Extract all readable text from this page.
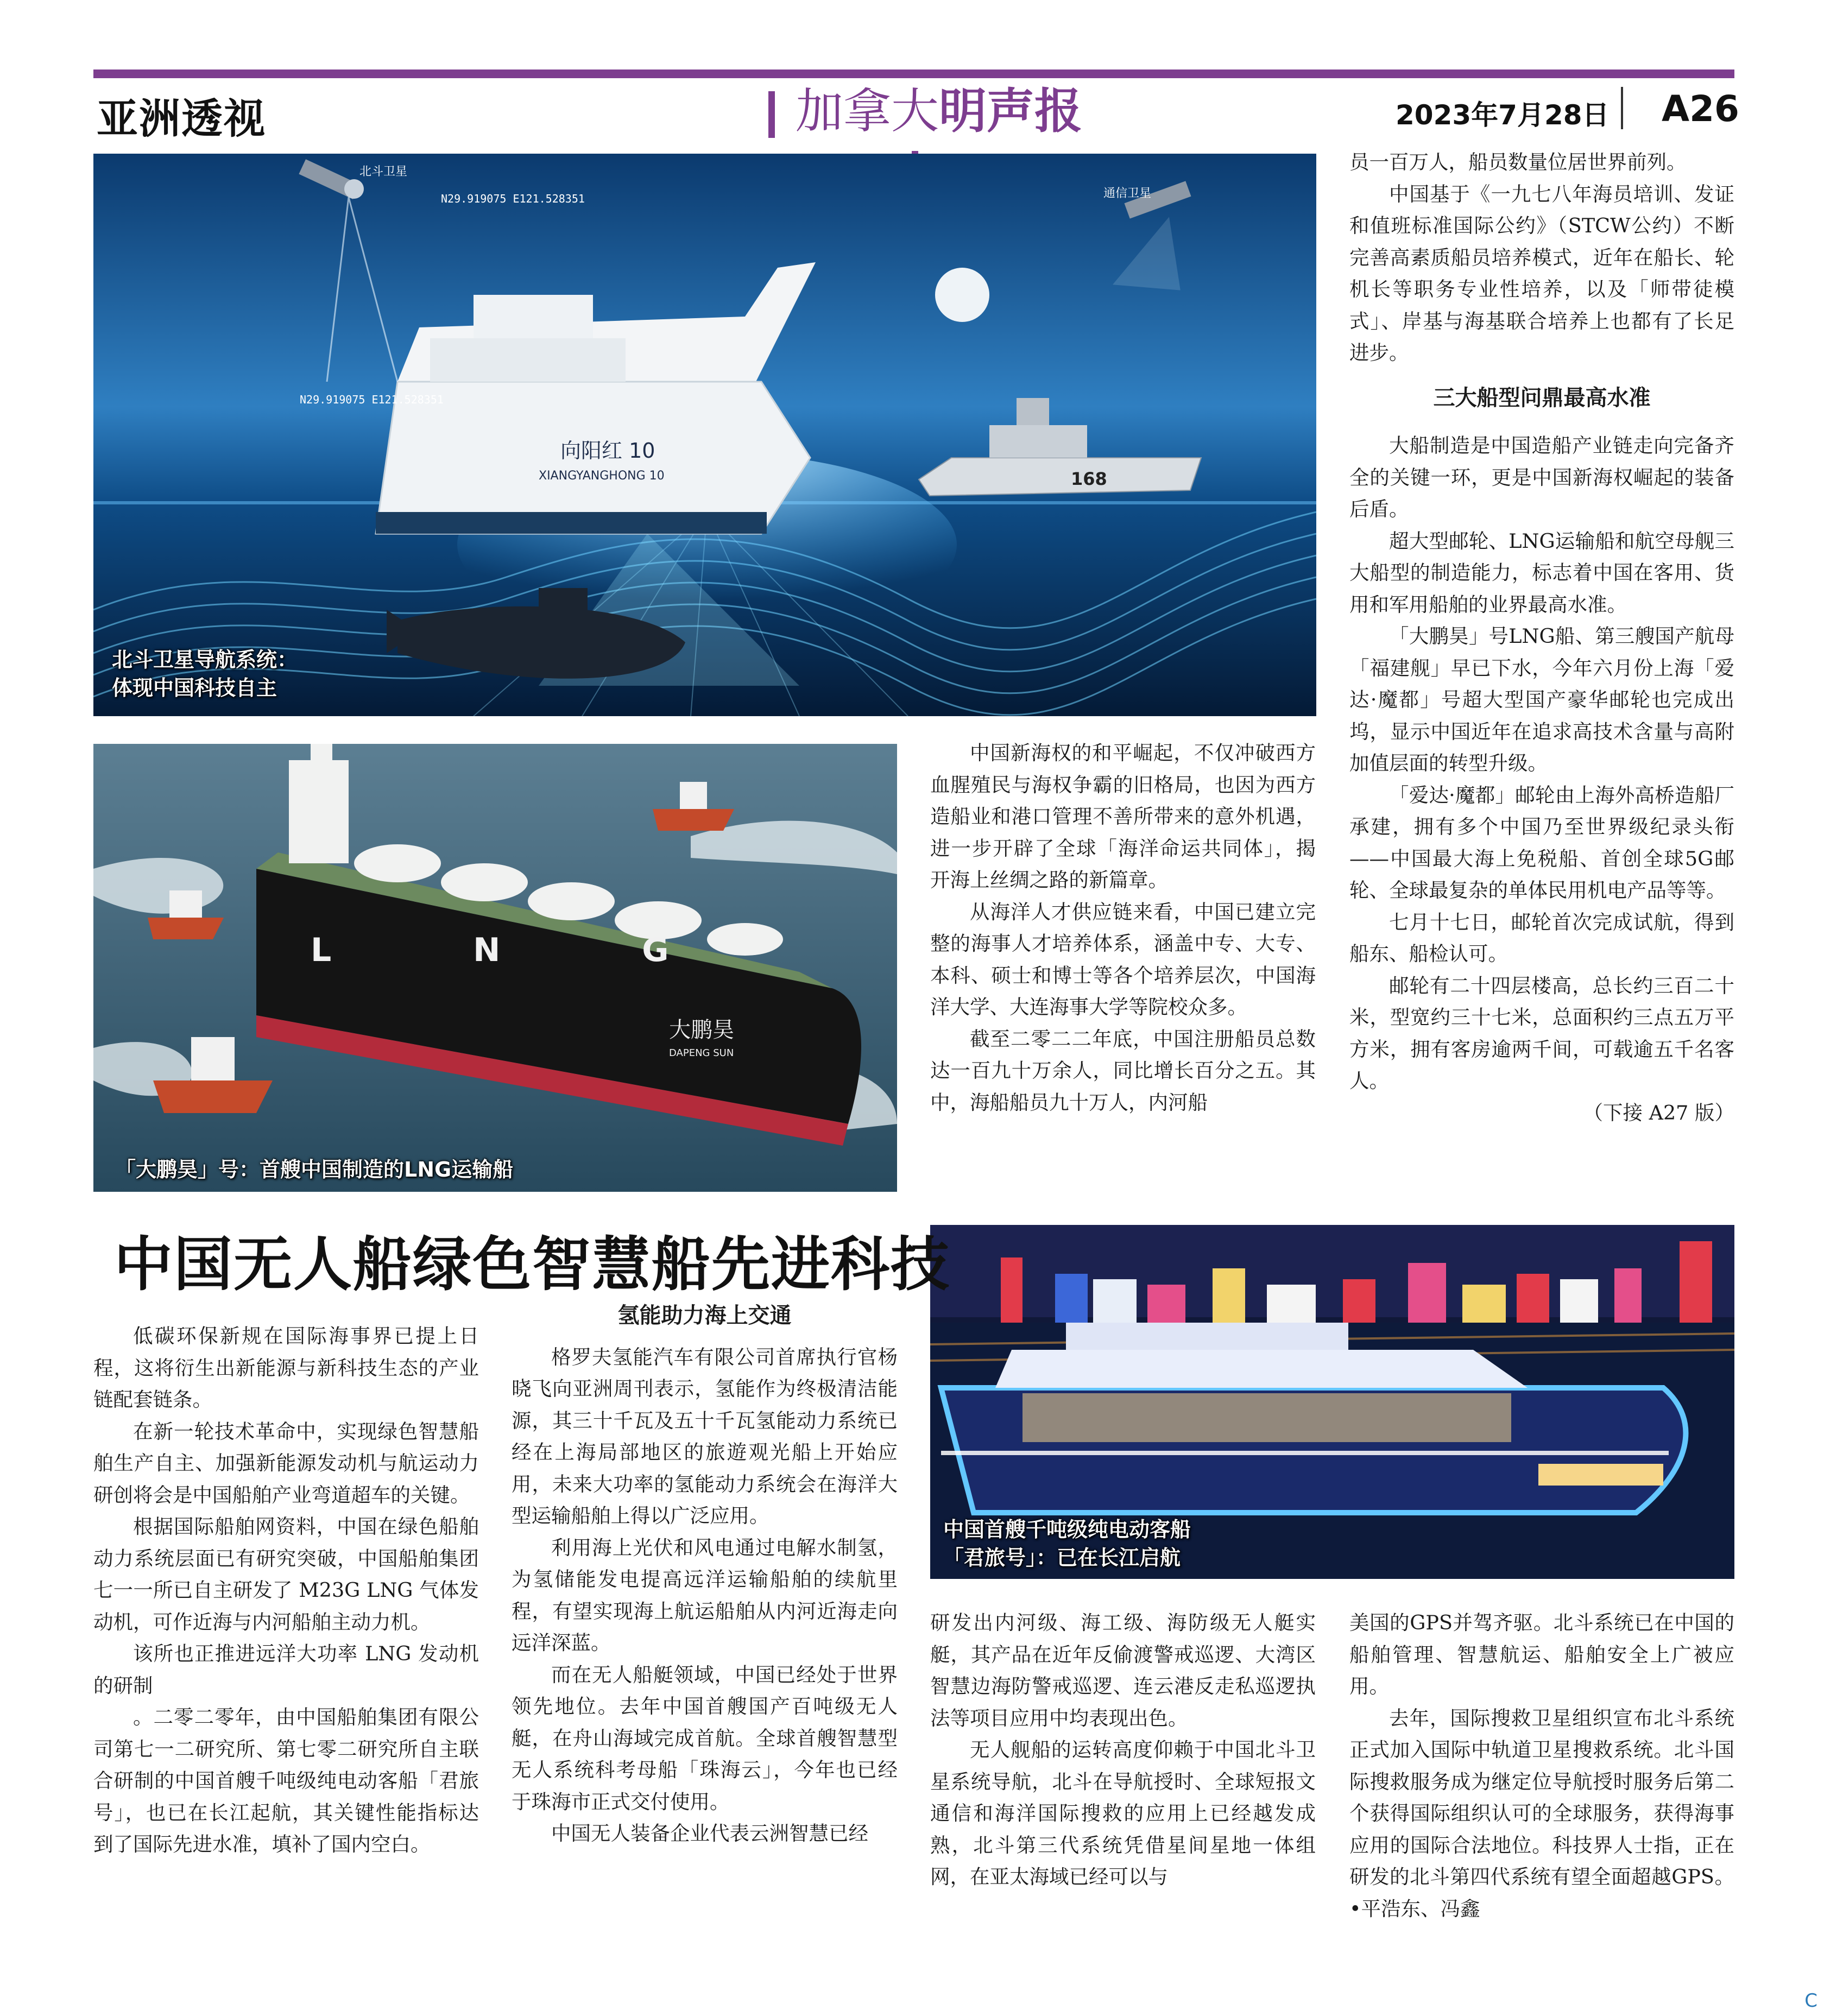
亚洲透视	加拿大明声报	2023年7月28日 A26
向阳红 10
XIANGYANGHONG 10	168
北斗卫星
通信卫星
N29.919075 E121.528351
N29.919075 E121.528351
北斗卫星导航系统：
体现中国科技自主
L N G
大鹏昊
DAPENG SUN
「大鹏昊」号：首艘中国制造的LNG运输船
中国首艘千吨级纯电动客船
「君旅号」：已在长江启航

员一百万人，船员数量位居世界前列。

中国基于《一九七八年海员培训、发证和值班标准国际公约》（STCW公约）不断完善高素质船员培养模式，近年在船长、轮机长等职务专业性培养，以及「师带徒模式」、岸基与海基联合培养上也都有了长足进步。

三大船型问鼎最高水准

大船制造是中国造船产业链走向完备齐全的关键一环，更是中国新海权崛起的装备后盾。

超大型邮轮、LNG运输船和航空母舰三大船型的制造能力，标志着中国在客用、货用和军用船舶的业界最高水准。

「大鹏昊」号LNG船、第三艘国产航母「福建舰」早已下水，今年六月份上海「爱达·魔都」号超大型国产豪华邮轮也完成出坞，显示中国近年在追求高技术含量与高附加值层面的转型升级。

「爱达·魔都」邮轮由上海外高桥造船厂承建，拥有多个中国乃至世界级纪录头衔——中国最大海上免税船、首创全球5G邮轮、全球最复杂的单体民用机电产品等等。

七月十七日，邮轮首次完成试航，得到船东、船检认可。

邮轮有二十四层楼高，总长约三百二十米，型宽约三十七米，总面积约三点五万平方米，拥有客房逾两千间，可载逾五千名客人。

（下接 A27 版）

中国新海权的和平崛起，不仅冲破西方血腥殖民与海权争霸的旧格局，也因为西方造船业和港口管理不善所带来的意外机遇，进一步开辟了全球「海洋命运共同体」，揭开海上丝绸之路的新篇章。

从海洋人才供应链来看，中国已建立完整的海事人才培养体系，涵盖中专、大专、本科、硕士和博士等各个培养层次，中国海洋大学、大连海事大学等院校众多。

截至二零二二年底，中国注册船员总数达一百九十万余人，同比增长百分之五。其中，海船船员九十万人，内河船

中国无人船绿色智慧船先进科技

低碳环保新规在国际海事界已提上日程，这将衍生出新能源与新科技生态的产业链配套链条。

在新一轮技术革命中，实现绿色智慧船舶生产自主、加强新能源发动机与航运动力研创将会是中国船舶产业弯道超车的关键。

根据国际船舶网资料，中国在绿色船舶动力系统层面已有研究突破，中国船舶集团七一一所已自主研发了 M23G LNG 气体发动机，可作近海与内河船舶主动力机。

该所也正推进远洋大功率 LNG 发动机的研制

。二零二零年，由中国船舶集团有限公司第七一二研究所、第七零二研究所自主联合研制的中国首艘千吨级纯电动客船「君旅号」，也已在长江起航，其关键性能指标达到了国际先进水准，填补了国内空白。

氢能助力海上交通

格罗夫氢能汽车有限公司首席执行官杨晓飞向亚洲周刊表示，氢能作为终极清洁能源，其三十千瓦及五十千瓦氢能动力系统已经在上海局部地区的旅遊观光船上开始应用，未来大功率的氢能动力系统会在海洋大型运输船舶上得以广泛应用。

利用海上光伏和风电通过电解水制氢，为氢储能发电提高远洋运输船舶的续航里程，有望实现海上航运船舶从内河近海走向远洋深蓝。

而在无人船艇领域，中国已经处于世界领先地位。去年中国首艘国产百吨级无人艇，在舟山海域完成首航。全球首艘智慧型无人系统科考母船「珠海云」，今年也已经于珠海市正式交付使用。

中国无人装备企业代表云洲智慧已经

研发出内河级、海工级、海防级无人艇实艇，其产品在近年反偷渡警戒巡逻、大湾区智慧边海防警戒巡逻、连云港反走私巡逻执法等项目应用中均表现出色。

无人舰船的运转高度仰赖于中国北斗卫星系统导航，北斗在导航授时、全球短报文通信和海洋国际搜救的应用上已经越发成熟，北斗第三代系统凭借星间星地一体组网，在亚太海域已经可以与

美国的GPS并驾齐驱。北斗系统已在中国的船舶管理、智慧航运、船舶安全上广被应用。

去年，国际搜救卫星组织宣布北斗系统正式加入国际中轨道卫星搜救系统。北斗国际搜救服务成为继定位导航授时服务后第二个获得国际组织认可的全球服务，获得海事应用的国际合法地位。科技界人士指，正在研发的北斗第四代系统有望全面超越GPS。 •平浩东、冯鑫

C
